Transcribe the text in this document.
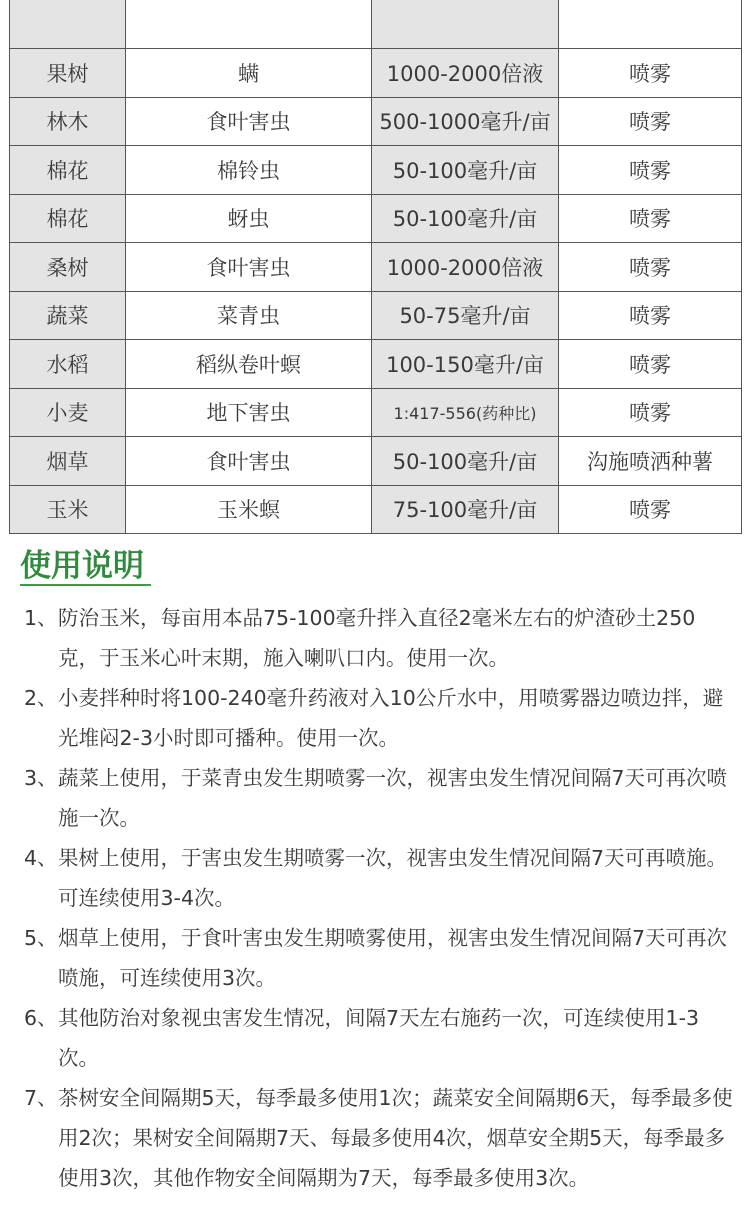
果树	螨	1000-2000倍液	喷雾
林木	食叶害虫	500-1000毫升/亩	喷雾
棉花	棉铃虫	50-100毫升/亩	喷雾
棉花	蚜虫	50-100毫升/亩	喷雾
桑树	食叶害虫	1000-2000倍液	喷雾
蔬菜	菜青虫	50-75毫升/亩	喷雾
水稻	稻纵卷叶螟	100-150毫升/亩	喷雾
小麦	地下害虫	1:417-556(药种比)	喷雾
烟草	食叶害虫	50-100毫升/亩	沟施喷洒种薯
玉米	玉米螟	75-100毫升/亩	喷雾
使用说明
1、 防治玉米，每亩用本品75-100毫升拌入直径2毫米左右的炉渣砂土250克，于玉米心叶末期，施入喇叭口内。使用一次。
2、 小麦拌种时将100-240毫升药液对入10公斤水中，用喷雾器边喷边拌，避光堆闷2-3小时即可播种。使用一次。
3、 蔬菜上使用，于菜青虫发生期喷雾一次，视害虫发生情况间隔7天可再次喷施一次。
4、 果树上使用，于害虫发生期喷雾一次，视害虫发生情况间隔7天可再喷施。可连续使用3-4次。
5、 烟草上使用，于食叶害虫发生期喷雾使用，视害虫发生情况间隔7天可再次喷施，可连续使用3次。
6、 其他防治对象视虫害发生情况，间隔7天左右施药一次，可连续使用1-3次。
7、 茶树安全间隔期5天，每季最多使用1次；蔬菜安全间隔期6天，每季最多使用2次；果树安全间隔期7天、每最多使用4次，烟草安全期5天，每季最多使用3次，其他作物安全间隔期为7天，每季最多使用3次。
